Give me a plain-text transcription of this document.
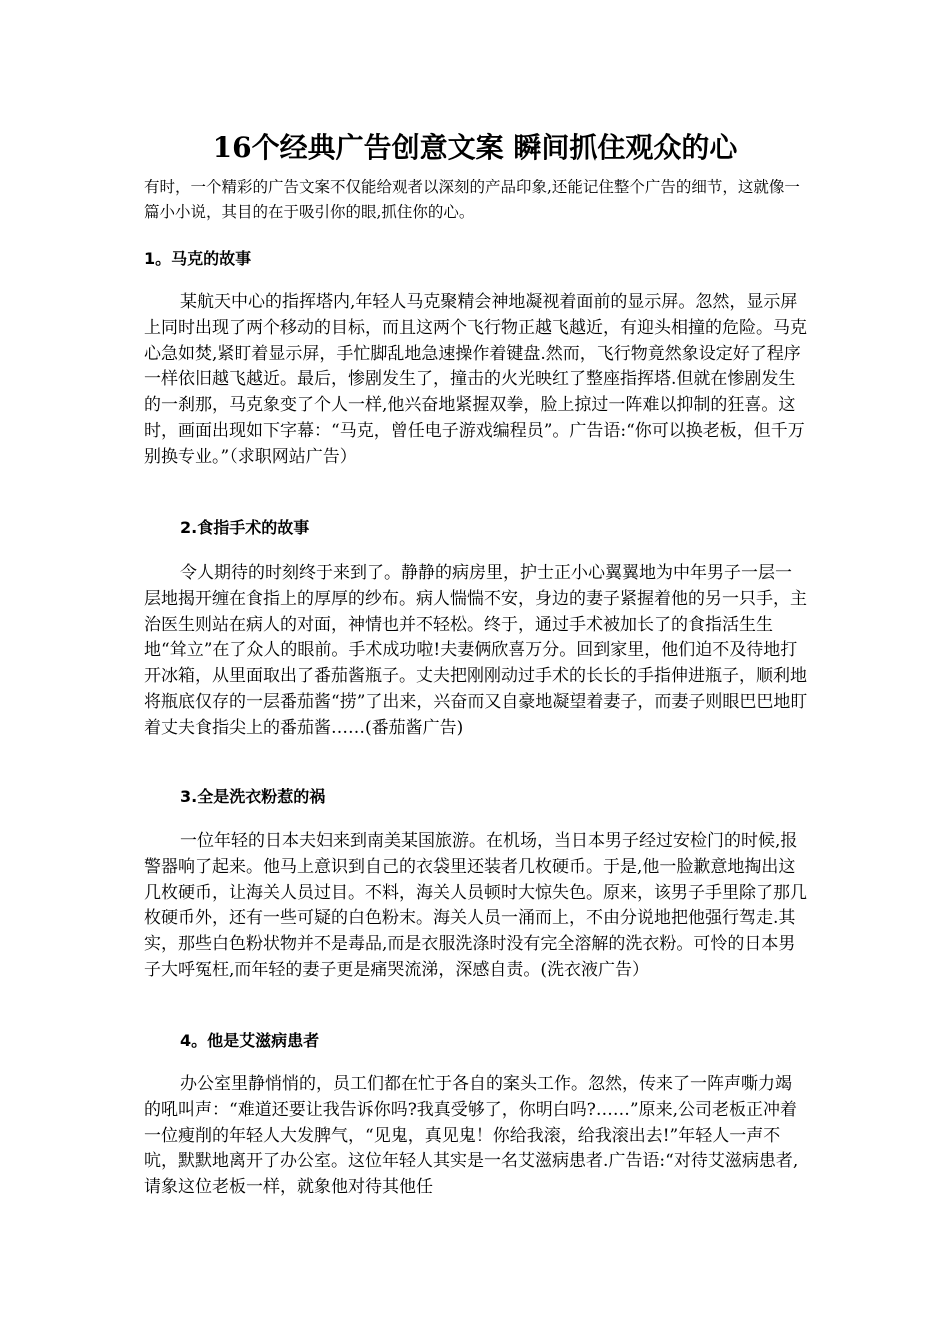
16个经典广告创意文案 瞬间抓住观众的心

有时，一个精彩的广告文案不仅能给观者以深刻的产品印象,还能记住整个广告的细节，这就像一篇小小说，其目的在于吸引你的眼,抓住你的心。

1。马克的故事

某航天中心的指挥塔内,年轻人马克聚精会神地凝视着面前的显示屏。忽然，显示屏上同时出现了两个移动的目标，而且这两个飞行物正越飞越近，有迎头相撞的危险。马克心急如焚,紧盯着显示屏，手忙脚乱地急速操作着键盘.然而，飞行物竟然象设定好了程序一样依旧越飞越近。最后，惨剧发生了，撞击的火光映红了整座指挥塔.但就在惨剧发生的一刹那，马克象变了个人一样,他兴奋地紧握双拳，脸上掠过一阵难以抑制的狂喜。这时，画面出现如下字幕：“马克，曾任电子游戏编程员”。广告语:“你可以换老板，但千万别换专业。”（求职网站广告）

2.食指手术的故事

令人期待的时刻终于来到了。静静的病房里，护士正小心翼翼地为中年男子一层一层地揭开缠在食指上的厚厚的纱布。病人惴惴不安，身边的妻子紧握着他的另一只手，主治医生则站在病人的对面，神情也并不轻松。终于，通过手术被加长了的食指活生生地“耸立”在了众人的眼前。手术成功啦!夫妻俩欣喜万分。回到家里，他们迫不及待地打开冰箱，从里面取出了番茄酱瓶子。丈夫把刚刚动过手术的长长的手指伸进瓶子，顺利地将瓶底仅存的一层番茄酱“捞”了出来，兴奋而又自豪地凝望着妻子，而妻子则眼巴巴地盯着丈夫食指尖上的番茄酱……(番茄酱广告)

3.全是洗衣粉惹的祸

一位年轻的日本夫妇来到南美某国旅游。在机场，当日本男子经过安检门的时候,报警器响了起来。他马上意识到自己的衣袋里还装者几枚硬币。于是,他一脸歉意地掏出这几枚硬币，让海关人员过目。不料，海关人员顿时大惊失色。原来，该男子手里除了那几枚硬币外，还有一些可疑的白色粉末。海关人员一涌而上，不由分说地把他强行驾走.其实，那些白色粉状物并不是毒品,而是衣服洗涤时没有完全溶解的洗衣粉。可怜的日本男子大呼冤枉,而年轻的妻子更是痛哭流涕，深感自责。(洗衣液广告）

4。他是艾滋病患者

办公室里静悄悄的，员工们都在忙于各自的案头工作。忽然，传来了一阵声嘶力竭的吼叫声：“难道还要让我告诉你吗?我真受够了，你明白吗?……”原来,公司老板正冲着一位瘦削的年轻人大发脾气，“见鬼，真见鬼！你给我滚，给我滚出去!”年轻人一声不吭，默默地离开了办公室。这位年轻人其实是一名艾滋病患者.广告语:“对待艾滋病患者,请象这位老板一样，就象他对待其他任
